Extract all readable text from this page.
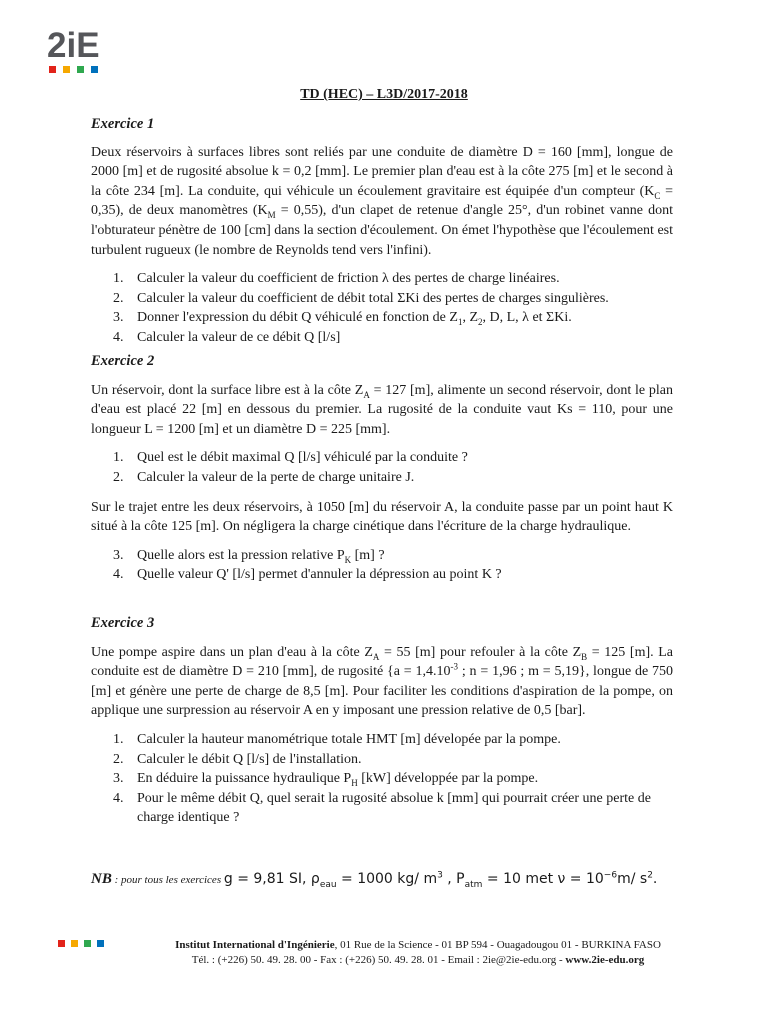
2iE
TD (HEC) – L3D/2017-2018
Exercice 1
Deux réservoirs à surfaces libres sont reliés par une conduite de diamètre D = 160 [mm], longue de 2000 [m] et de rugosité absolue k = 0,2 [mm]. Le premier plan d'eau est à la côte 275 [m] et le second à la côte 234 [m]. La conduite, qui véhicule un écoulement gravitaire est équipée d'un compteur $(K_C = 0,35)$, de deux manomètres $(K_M = 0,55)$, d'un clapet de retenue d'angle 25°, d'un robinet vanne dont l'obturateur pénètre de 100 [cm] dans la section d'écoulement. On émet l'hypothèse que l'écoulement est turbulent rugueux (le nombre de Reynolds tend vers l'infini).
1. Calculer la valeur du coefficient de friction λ des pertes de charge linéaires.
2. Calculer la valeur du coefficient de débit total ΣKi des pertes de charges singulières.
3. Donner l'expression du débit Q véhiculé en fonction de $Z_1$, $Z_2$, D, L, λ et ΣKi.
4. Calculer la valeur de ce débit Q [l/s]
Exercice 2
Un réservoir, dont la surface libre est à la côte $Z_A = 127$ [m], alimente un second réservoir, dont le plan d'eau est placé 22 [m] en dessous du premier. La rugosité de la conduite vaut Ks = 110, pour une longueur L = 1200 [m] et un diamètre D = 225 [mm].
1. Quel est le débit maximal Q [l/s] véhiculé par la conduite ?
2. Calculer la valeur de la perte de charge unitaire J.
Sur le trajet entre les deux réservoirs, à 1050 [m] du réservoir A, la conduite passe par un point haut K situé à la côte 125 [m]. On négligera la charge cinétique dans l'écriture de la charge hydraulique.
3. Quelle alors est la pression relative $P_K$ [m] ?
4. Quelle valeur Q' [l/s] permet d'annuler la dépression au point K ?
Exercice 3
Une pompe aspire dans un plan d'eau à la côte $Z_A = 55$ [m] pour refouler à la côte $Z_B = 125$ [m]. La conduite est de diamètre D = 210 [mm], de rugosité {$a = 1,4.10^{-3}$ ; n = 1,96 ; m = 5,19}, longue de 750 [m] et génère une perte de charge de 8,5 [m]. Pour faciliter les conditions d'aspiration de la pompe, on applique une surpression au réservoir A en y imposant une pression relative de 0,5 [bar].
1. Calculer la hauteur manométrique totale HMT [m] dévelopée par la pompe.
2. Calculer le débit Q [l/s] de l'installation.
3. En déduire la puissance hydraulique $P_H$ [kW] développée par la pompe.
4. Pour le même débit Q, quel serait la rugosité absolue k [mm] qui pourrait créer une perte de charge identique ?
NB : pour tous les exercices g = 9,81 SI, $\rho_{eau} = 1000$ kg/ $m^3$ , $P_{atm} = 10$ met $\nu = 10^{-6}m/$ $s^2$.
Institut International d'Ingénierie, 01 Rue de la Science - 01 BP 594 - Ouagadougou 01 - BURKINA FASO
Tél. : (+226) 50. 49. 28. 00 - Fax : (+226) 50. 49. 28. 01 - Email : 2ie@2ie-edu.org - www.2ie-edu.org
